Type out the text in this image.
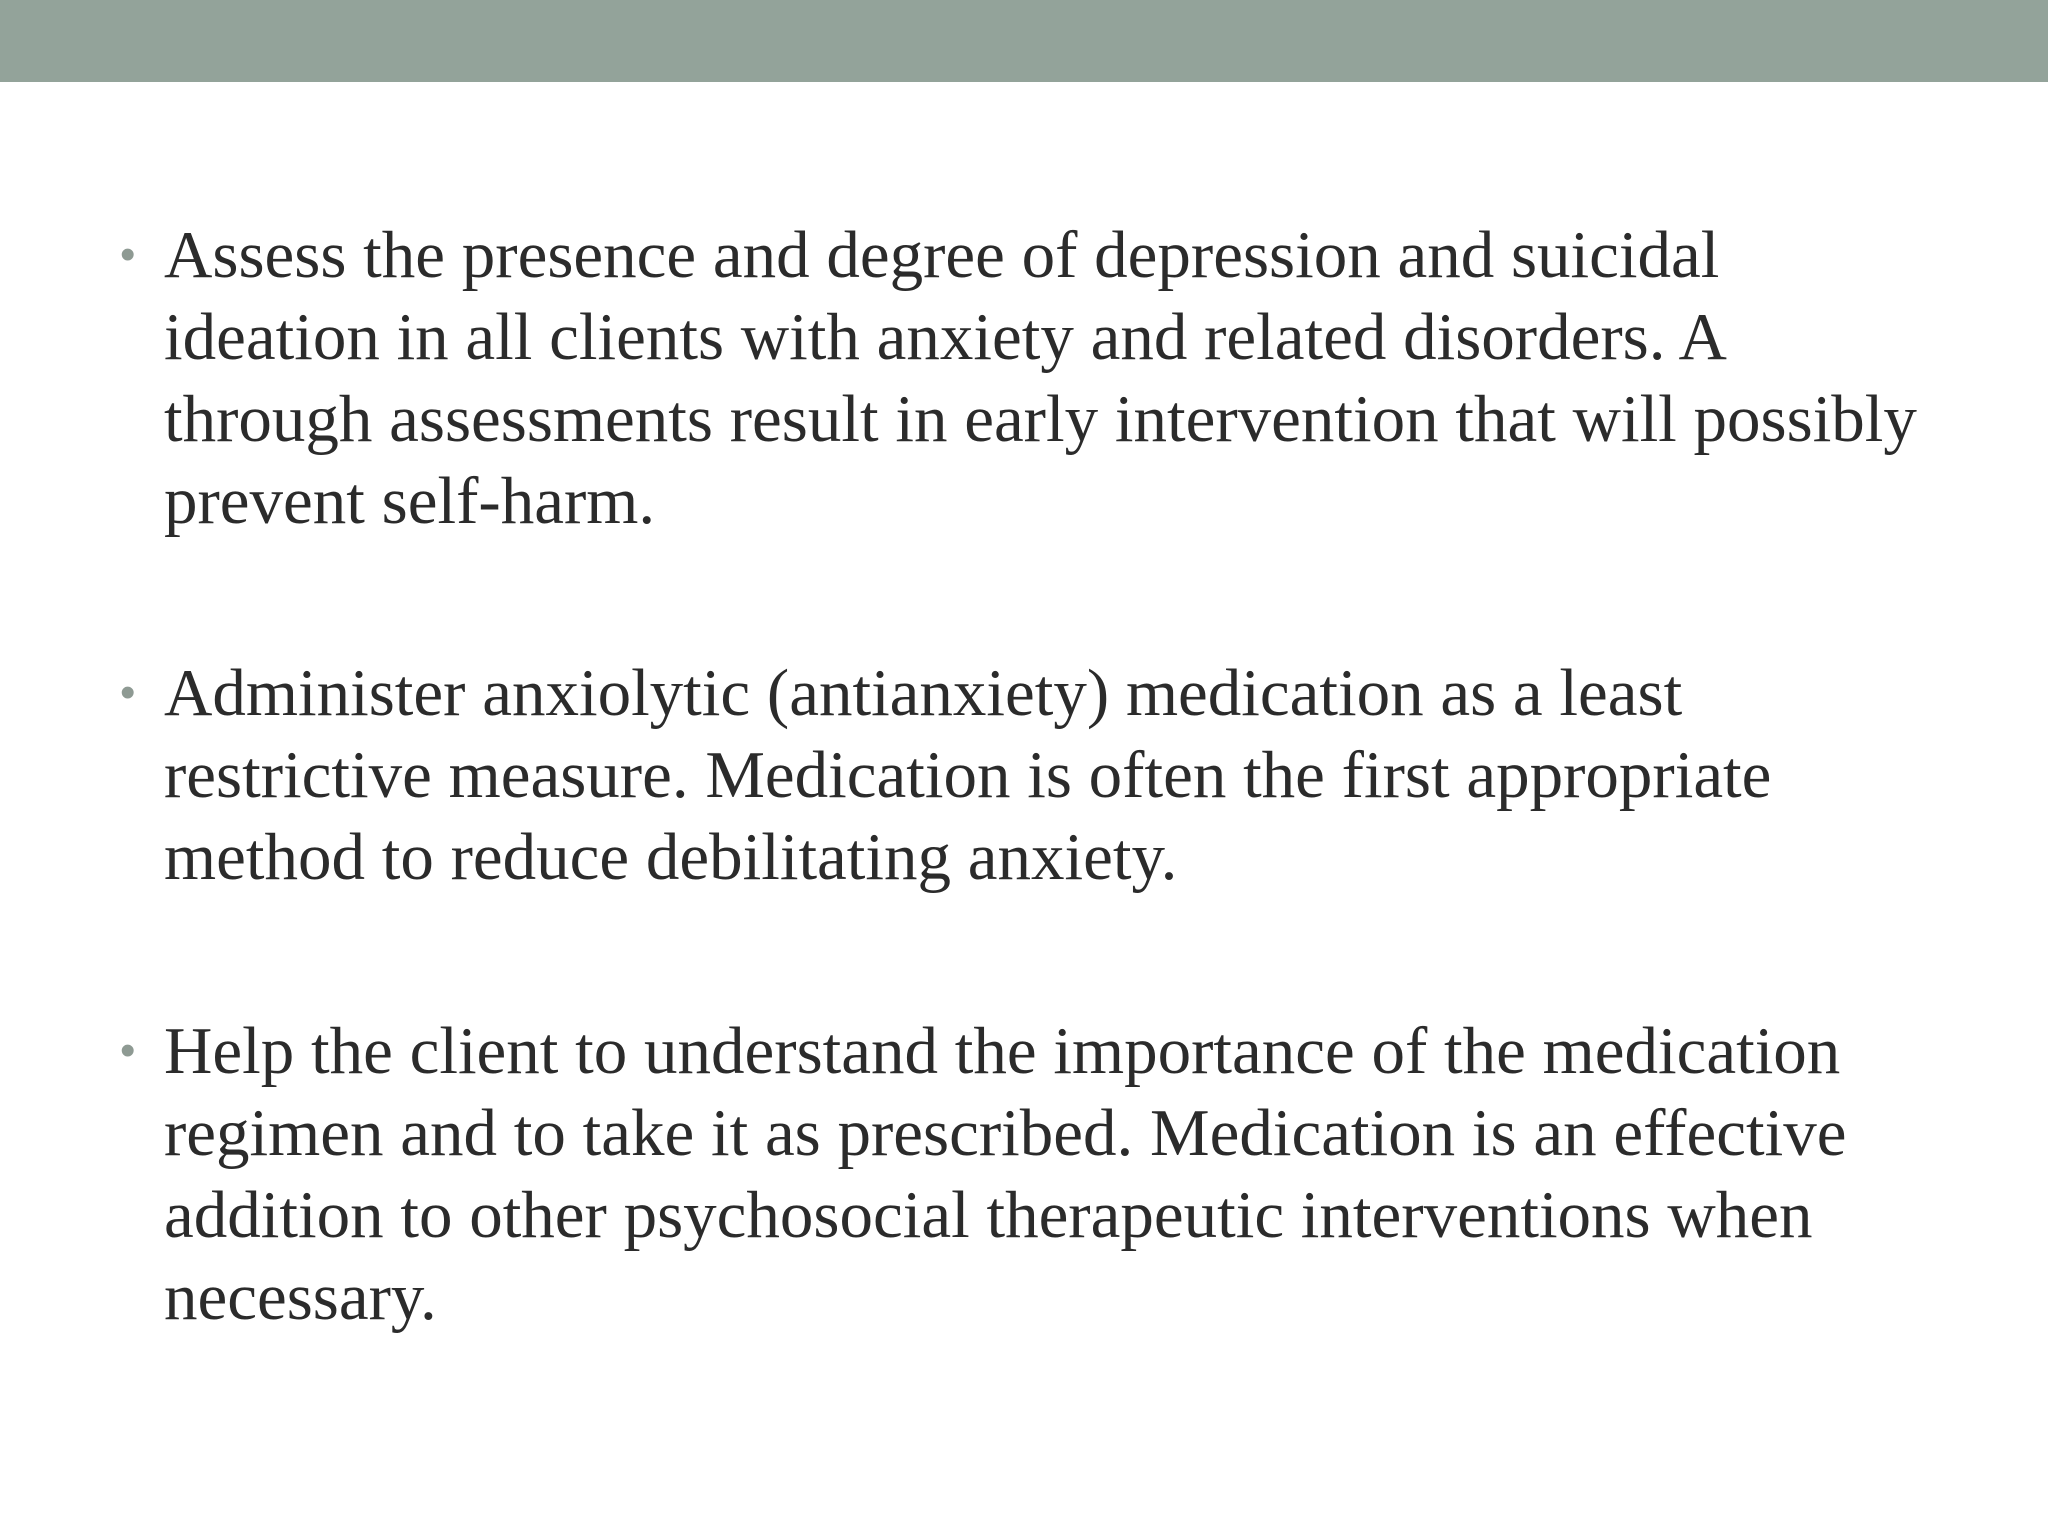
• Assess the presence and degree of depression and suicidal ideation in all clients with anxiety and related disorders. A through assessments result in early intervention that will possibly prevent self-harm.
• Administer anxiolytic (antianxiety) medication as a least restrictive measure. Medication is often the first appropriate method to reduce debilitating anxiety.
• Help the client to understand the importance of the medication regimen and to take it as prescribed. Medication is an effective addition to other psychosocial therapeutic interventions when necessary.
